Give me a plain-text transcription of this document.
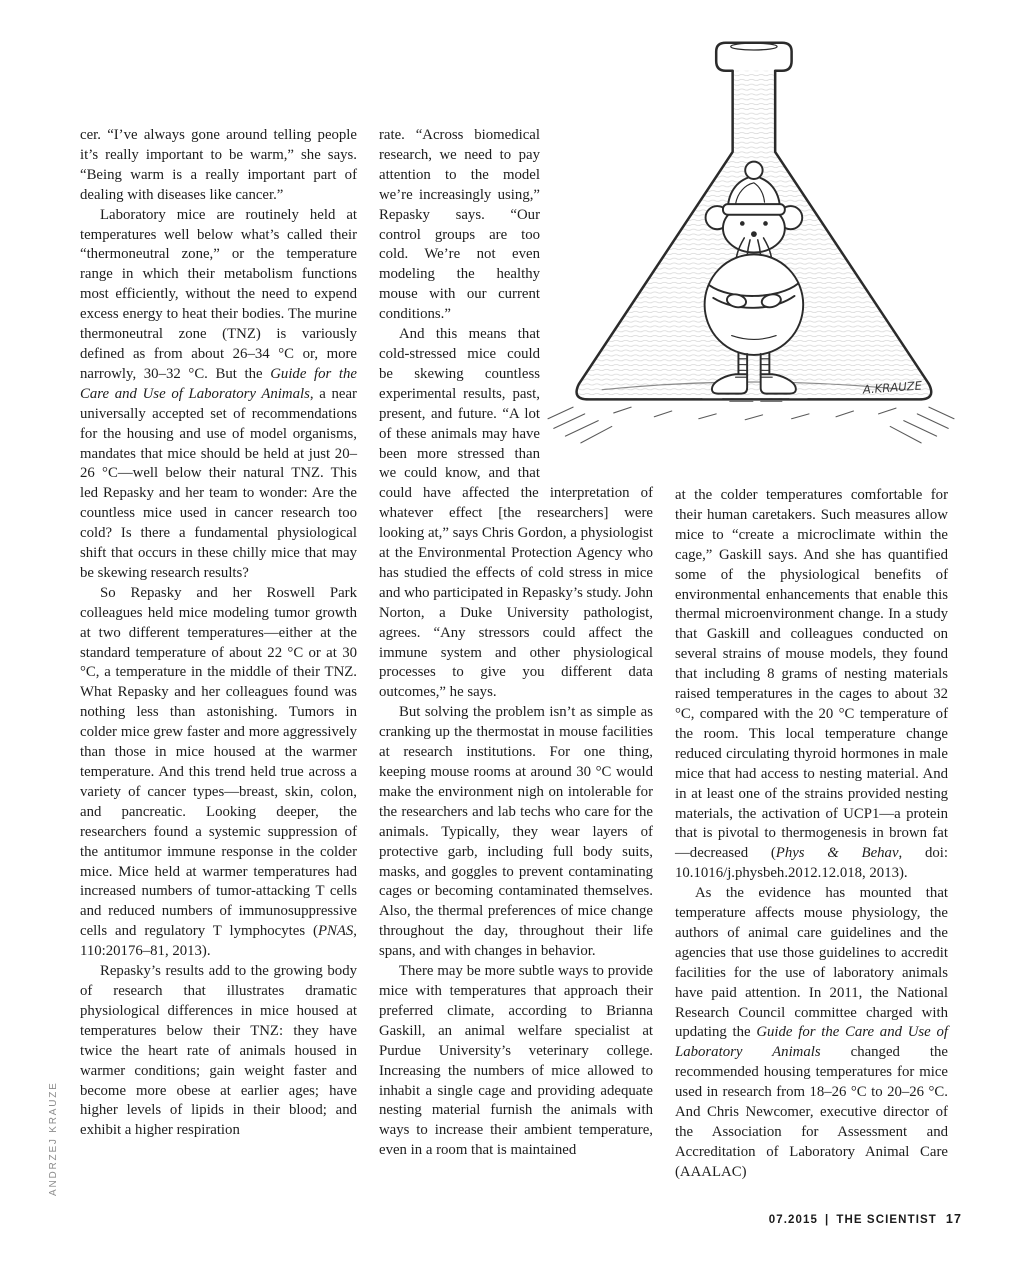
A.KRAUZE

cer. “I’ve always gone around telling people it’s really important to be warm,” she says. “Being warm is a really important part of dealing with diseases like cancer.”

Laboratory mice are routinely held at temperatures well below what’s called their “thermoneutral zone,” or the temperature range in which their metabolism functions most efficiently, without the need to expend excess energy to heat their bodies. The murine thermoneutral zone (TNZ) is variously defined as from about 26–34 °C or, more narrowly, 30–32 °C. But the Guide for the Care and Use of Laboratory Animals, a near universally accepted set of recommendations for the housing and use of model organisms, mandates that mice should be held at just 20–26 °C—well below their natural TNZ. This led Repasky and her team to wonder: Are the countless mice used in cancer research too cold? Is there a fundamental physiological shift that occurs in these chilly mice that may be skewing research results?

So Repasky and her Roswell Park colleagues held mice modeling tumor growth at two different temperatures—either at the standard temperature of about 22 °C or at 30 °C, a temperature in the middle of their TNZ. What Repasky and her colleagues found was nothing less than astonishing. Tumors in colder mice grew faster and more aggressively than those in mice housed at the warmer temperature. And this trend held true across a variety of cancer types—breast, skin, colon, and pancreatic. Looking deeper, the researchers found a systemic suppression of the antitumor immune response in the colder mice. Mice held at warmer temperatures had increased numbers of tumor-attacking T cells and reduced numbers of immunosuppressive cells and regulatory T lymphocytes (PNAS, 110:20176–81, 2013).

Repasky’s results add to the growing body of research that illustrates dramatic physiological differences in mice housed at temperatures below their TNZ: they have twice the heart rate of animals housed in warmer conditions; gain weight faster and become more obese at earlier ages; have higher levels of lipids in their blood; and exhibit a higher respiration

rate. “Across biomedical research, we need to pay attention to the model we’re increasingly using,” Repasky says. “Our control groups are too cold. We’re not even modeling the healthy mouse with our current conditions.”

And this means that cold-stressed mice could be skewing countless experimental results, past, present, and future. “A lot of these animals may have been more stressed than we could know, and that could have affected the interpretation of whatever effect [the researchers] were looking at,” says Chris Gordon, a physiologist at the Environmental Protection Agency who has studied the effects of cold stress in mice and who participated in Repasky’s study. John Norton, a Duke University pathologist, agrees. “Any stressors could affect the immune system and other physiological processes to give you different data outcomes,” he says.

But solving the problem isn’t as simple as cranking up the thermostat in mouse facilities at research institutions. For one thing, keeping mouse rooms at around 30 °C would make the environment nigh on intolerable for the researchers and lab techs who care for the animals. Typically, they wear layers of protective garb, including full body suits, masks, and goggles to prevent contaminating cages or becoming contaminated themselves. Also, the thermal preferences of mice change throughout the day, throughout their life spans, and with changes in behavior.

There may be more subtle ways to provide mice with temperatures that approach their preferred climate, according to Brianna Gaskill, an animal welfare specialist at Purdue University’s veterinary college. Increasing the numbers of mice allowed to inhabit a single cage and providing adequate nesting material furnish the animals with ways to increase their ambient temperature, even in a room that is maintained

at the colder temperatures comfortable for their human caretakers. Such measures allow mice to “create a microclimate within the cage,” Gaskill says. And she has quantified some of the physiological benefits of environmental enhancements that enable this thermal microenvironment change. In a study that Gaskill and colleagues conducted on several strains of mouse models, they found that including 8 grams of nesting materials raised temperatures in the cages to about 32 °C, compared with the 20 °C temperature of the room. This local temperature change reduced circulating thyroid hormones in male mice that had access to nesting material. And in at least one of the strains provided nesting materials, the activation of UCP1—a protein that is pivotal to thermogenesis in brown fat—decreased (Phys & Behav, doi: 10.1016/j.physbeh.2012.12.018, 2013).

As the evidence has mounted that temperature affects mouse physiology, the authors of animal care guidelines and the agencies that use those guidelines to accredit facilities for the use of laboratory animals have paid attention. In 2011, the National Research Council committee charged with updating the Guide for the Care and Use of Laboratory Animals changed the recommended housing temperatures for mice used in research from 18–26 °C to 20–26 °C. And Chris Newcomer, executive director of the Association for Assessment and Accreditation of Laboratory Animal Care (AAALAC)

ANDRZEJ KRAUZE
07.2015 | THE SCIENTIST 17
